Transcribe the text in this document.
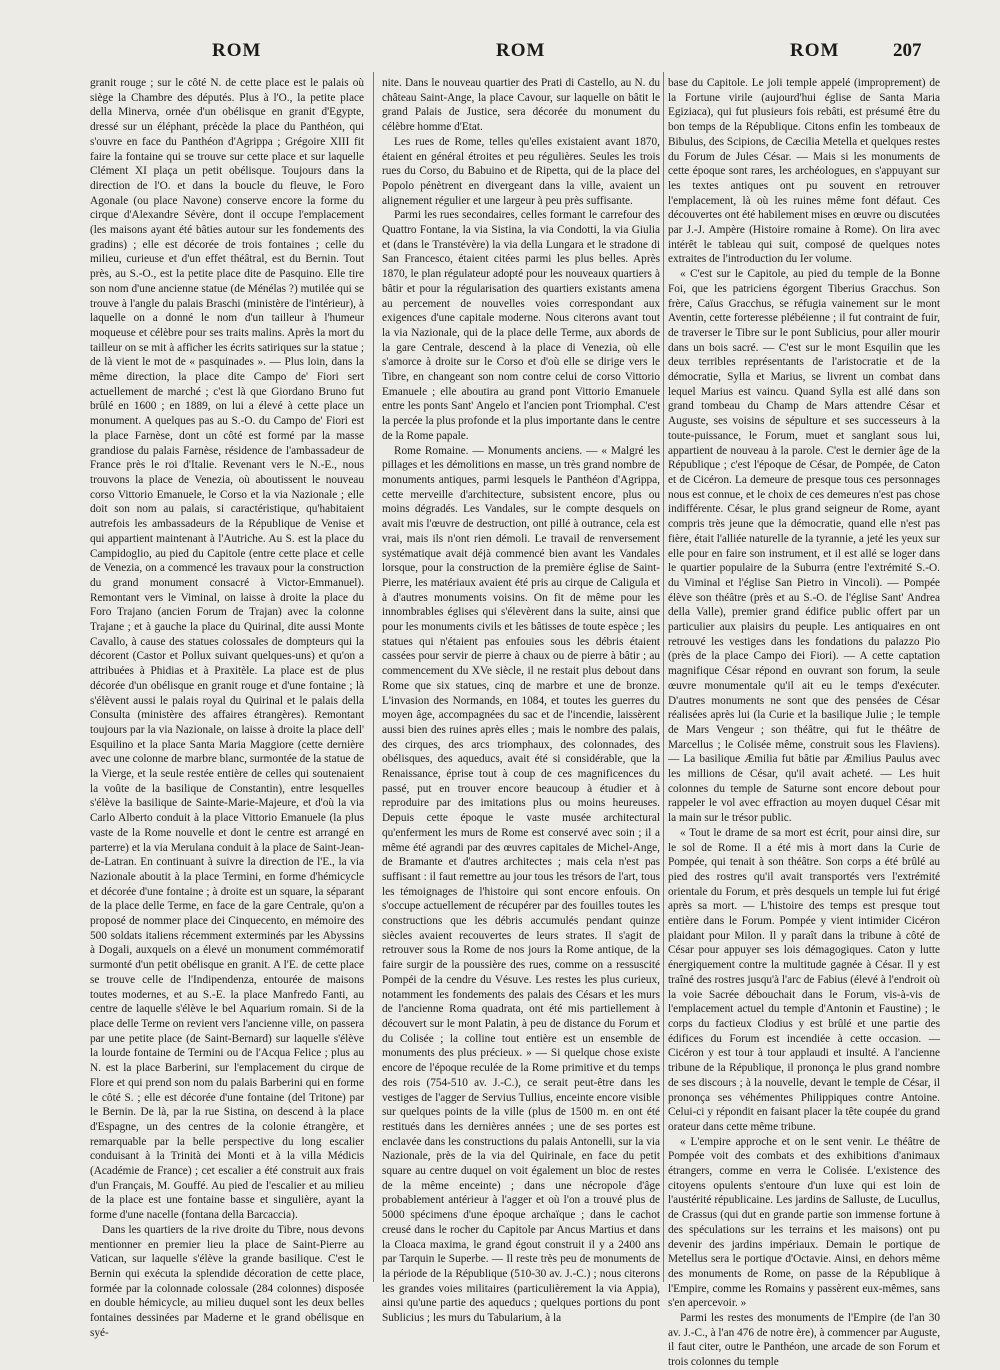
ROM	ROM	ROM	207

granit rouge ; sur le côté N. de cette place est le palais où siège la Chambre des députés. Plus à l'O., la petite place della Minerva, ornée d'un obélisque en granit d'Egypte, dressé sur un éléphant, précède la place du Panthéon, qui s'ouvre en face du Panthéon d'Agrippa ; Grégoire XIII fit faire la fontaine qui se trouve sur cette place et sur laquelle Clément XI plaça un petit obélisque. Toujours dans la direction de l'O. et dans la boucle du fleuve, le Foro Agonale (ou place Navone) conserve encore la forme du cirque d'Alexandre Sévère, dont il occupe l'emplacement (les maisons ayant été bâties autour sur les fondements des gradins) ; elle est décorée de trois fontaines ; celle du milieu, curieuse et d'un effet théâtral, est du Bernin. Tout près, au S.-O., est la petite place dite de Pasquino. Elle tire son nom d'une ancienne statue (de Ménélas ?) mutilée qui se trouve à l'angle du palais Braschi (ministère de l'intérieur), à laquelle on a donné le nom d'un tailleur à l'humeur moqueuse et célèbre pour ses traits malins. Après la mort du tailleur on se mit à afficher les écrits satiriques sur la statue ; de là vient le mot de « pasquinades ». — Plus loin, dans la même direction, la place dite Campo de' Fiori sert actuellement de marché ; c'est là que Giordano Bruno fut brûlé en 1600 ; en 1889, on lui a élevé à cette place un monument. A quelques pas au S.-O. du Campo de' Fiori est la place Farnèse, dont un côté est formé par la masse grandiose du palais Farnèse, résidence de l'ambassadeur de France près le roi d'Italie. Revenant vers le N.-E., nous trouvons la place de Venezia, où aboutissent le nouveau corso Vittorio Emanuele, le Corso et la via Nazionale ; elle doit son nom au palais, si caractéristique, qu'habitaient autrefois les ambassadeurs de la République de Venise et qui appartient maintenant à l'Autriche. Au S. est la place du Campidoglio, au pied du Capitole (entre cette place et celle de Venezia, on a commencé les travaux pour la construction du grand monument consacré à Victor-Emmanuel). Remontant vers le Viminal, on laisse à droite la place du Foro Trajano (ancien Forum de Trajan) avec la colonne Trajane ; et à gauche la place du Quirinal, dite aussi Monte Cavallo, à cause des statues colossales de dompteurs qui la décorent (Castor et Pollux suivant quelques-uns) et qu'on a attribuées à Phidias et à Praxitèle. La place est de plus décorée d'un obélisque en granit rouge et d'une fontaine ; là s'élèvent aussi le palais royal du Quirinal et le palais della Consulta (ministère des affaires étrangères). Remontant toujours par la via Nazionale, on laisse à droite la place dell' Esquilino et la place Santa Maria Maggiore (cette dernière avec une colonne de marbre blanc, surmontée de la statue de la Vierge, et la seule restée entière de celles qui soutenaient la voûte de la basilique de Constantin), entre lesquelles s'élève la basilique de Sainte-Marie-Majeure, et d'où la via Carlo Alberto conduit à la place Vittorio Emanuele (la plus vaste de la Rome nouvelle et dont le centre est arrangé en parterre) et la via Merulana conduit à la place de Saint-Jean-de-Latran. En continuant à suivre la direction de l'E., la via Nazionale aboutit à la place Termini, en forme d'hémicycle et décorée d'une fontaine ; à droite est un square, la séparant de la place delle Terme, en face de la gare Centrale, qu'on a proposé de nommer place dei Cinquecento, en mémoire des 500 soldats italiens récemment exterminés par les Abyssins à Dogali, auxquels on a élevé un monument commémoratif surmonté d'un petit obélisque en granit. A l'E. de cette place se trouve celle de l'Indipendenza, entourée de maisons toutes modernes, et au S.-E. la place Manfredo Fanti, au centre de laquelle s'élève le bel Aquarium romain. Si de la place delle Terme on revient vers l'ancienne ville, on passera par une petite place (de Saint-Bernard) sur laquelle s'élève la lourde fontaine de Termini ou de l'Acqua Felice ; plus au N. est la place Barberini, sur l'emplacement du cirque de Flore et qui prend son nom du palais Barberini qui en forme le côté S. ; elle est décorée d'une fontaine (del Tritone) par le Bernin. De là, par la rue Sistina, on descend à la place d'Espagne, un des centres de la colonie étrangère, et remarquable par la belle perspective du long escalier conduisant à la Trinità dei Monti et à la villa Médicis (Académie de France) ; cet escalier a été construit aux frais d'un Français, M. Gouffé. Au pied de l'escalier et au milieu de la place est une fontaine basse et singulière, ayant la forme d'une nacelle (fontana della Barcaccia).

Dans les quartiers de la rive droite du Tibre, nous devons mentionner en premier lieu la place de Saint-Pierre au Vatican, sur laquelle s'élève la grande basilique. C'est le Bernin qui exécuta la splendide décoration de cette place, formée par la colonnade colossale (284 colonnes) disposée en double hémicycle, au milieu duquel sont les deux belles fontaines dessinées par Maderne et le grand obélisque en syé-

nite. Dans le nouveau quartier des Prati di Castello, au N. du château Saint-Ange, la place Cavour, sur laquelle on bâtit le grand Palais de Justice, sera décorée du monument du célèbre homme d'Etat.

Les rues de Rome, telles qu'elles existaient avant 1870, étaient en général étroites et peu régulières. Seules les trois rues du Corso, du Babuino et de Ripetta, qui de la place del Popolo pénètrent en divergeant dans la ville, avaient un alignement régulier et une largeur à peu près suffisante.

Parmi les rues secondaires, celles formant le carrefour des Quattro Fontane, la via Sistina, la via Condotti, la via Giulia et (dans le Transtévère) la via della Lungara et le stradone di San Francesco, étaient citées parmi les plus belles. Après 1870, le plan régulateur adopté pour les nouveaux quartiers à bâtir et pour la régularisation des quartiers existants amena au percement de nouvelles voies correspondant aux exigences d'une capitale moderne. Nous citerons avant tout la via Nazionale, qui de la place delle Terme, aux abords de la gare Centrale, descend à la place di Venezia, où elle s'amorce à droite sur le Corso et d'où elle se dirige vers le Tibre, en changeant son nom contre celui de corso Vittorio Emanuele ; elle aboutira au grand pont Vittorio Emanuele entre les ponts Sant' Angelo et l'ancien pont Triomphal. C'est la percée la plus profonde et la plus importante dans le centre de la Rome papale.

Rome Romaine. — Monuments anciens. — « Malgré les pillages et les démolitions en masse, un très grand nombre de monuments antiques, parmi lesquels le Panthéon d'Agrippa, cette merveille d'architecture, subsistent encore, plus ou moins dégradés. Les Vandales, sur le compte desquels on avait mis l'œuvre de destruction, ont pillé à outrance, cela est vrai, mais ils n'ont rien démoli. Le travail de renversement systématique avait déjà commencé bien avant les Vandales lorsque, pour la construction de la première église de Saint-Pierre, les matériaux avaient été pris au cirque de Caligula et à d'autres monuments voisins. On fit de même pour les innombrables églises qui s'élevèrent dans la suite, ainsi que pour les monuments civils et les bâtisses de toute espèce ; les statues qui n'étaient pas enfouies sous les débris étaient cassées pour servir de pierre à chaux ou de pierre à bâtir ; au commencement du XVe siècle, il ne restait plus debout dans Rome que six statues, cinq de marbre et une de bronze. L'invasion des Normands, en 1084, et toutes les guerres du moyen âge, accompagnées du sac et de l'incendie, laissèrent aussi bien des ruines après elles ; mais le nombre des palais, des cirques, des arcs triomphaux, des colonnades, des obélisques, des aqueducs, avait été si considérable, que la Renaissance, éprise tout à coup de ces magnificences du passé, put en trouver encore beaucoup à étudier et à reproduire par des imitations plus ou moins heureuses. Depuis cette époque le vaste musée architectural qu'enferment les murs de Rome est conservé avec soin ; il a même été agrandi par des œuvres capitales de Michel-Ange, de Bramante et d'autres architectes ; mais cela n'est pas suffisant : il faut remettre au jour tous les trésors de l'art, tous les témoignages de l'histoire qui sont encore enfouis. On s'occupe actuellement de récupérer par des fouilles toutes les constructions que les débris accumulés pendant quinze siècles avaient recouvertes de leurs strates. Il s'agit de retrouver sous la Rome de nos jours la Rome antique, de la faire surgir de la poussière des rues, comme on a ressuscité Pompéi de la cendre du Vésuve. Les restes les plus curieux, notamment les fondements des palais des Césars et les murs de l'ancienne Roma quadrata, ont été mis partiellement à découvert sur le mont Palatin, à peu de distance du Forum et du Colisée ; la colline tout entière est un ensemble de monuments des plus précieux. » — Si quelque chose existe encore de l'époque reculée de la Rome primitive et du temps des rois (754-510 av. J.-C.), ce serait peut-être dans les vestiges de l'agger de Servius Tullius, enceinte encore visible sur quelques points de la ville (plus de 1500 m. en ont été restitués dans les dernières années ; une de ses portes est enclavée dans les constructions du palais Antonelli, sur la via Nazionale, près de la via del Quirinale, en face du petit square au centre duquel on voit également un bloc de restes de la même enceinte) ; dans une nécropole d'âge probablement antérieur à l'agger et où l'on a trouvé plus de 5000 spécimens d'une époque archaïque ; dans le cachot creusé dans le rocher du Capitole par Ancus Martius et dans la Cloaca maxima, le grand égout construit il y a 2400 ans par Tarquin le Superbe. — Il reste très peu de monuments de la période de la République (510-30 av. J.-C.) ; nous citerons les grandes voies militaires (particulièrement la via Appia), ainsi qu'une partie des aqueducs ; quelques portions du pont Sublicius ; les murs du Tabularium, à la

base du Capitole. Le joli temple appelé (improprement) de la Fortune virile (aujourd'hui église de Santa Maria Egiziaca), qui fut plusieurs fois rebâti, est présumé être du bon temps de la République. Citons enfin les tombeaux de Bibulus, des Scipions, de Cæcilia Metella et quelques restes du Forum de Jules César. — Mais si les monuments de cette époque sont rares, les archéologues, en s'appuyant sur les textes antiques ont pu souvent en retrouver l'emplacement, là où les ruines même font défaut. Ces découvertes ont été habilement mises en œuvre ou discutées par J.-J. Ampère (Histoire romaine à Rome). On lira avec intérêt le tableau qui suit, composé de quelques notes extraites de l'introduction du Ier volume.

« C'est sur le Capitole, au pied du temple de la Bonne Foi, que les patriciens égorgent Tiberius Gracchus. Son frère, Caïus Gracchus, se réfugia vainement sur le mont Aventin, cette forteresse plébéienne ; il fut contraint de fuir, de traverser le Tibre sur le pont Sublicius, pour aller mourir dans un bois sacré. — C'est sur le mont Esquilin que les deux terribles représentants de l'aristocratie et de la démocratie, Sylla et Marius, se livrent un combat dans lequel Marius est vaincu. Quand Sylla est allé dans son grand tombeau du Champ de Mars attendre César et Auguste, ses voisins de sépulture et ses successeurs à la toute-puissance, le Forum, muet et sanglant sous lui, appartient de nouveau à la parole. C'est le dernier âge de la République ; c'est l'époque de César, de Pompée, de Caton et de Cicéron. La demeure de presque tous ces personnages nous est connue, et le choix de ces demeures n'est pas chose indifférente. César, le plus grand seigneur de Rome, ayant compris très jeune que la démocratie, quand elle n'est pas fière, était l'alliée naturelle de la tyrannie, a jeté les yeux sur elle pour en faire son instrument, et il est allé se loger dans le quartier populaire de la Suburra (entre l'extrémité S.-O. du Viminal et l'église San Pietro in Vincoli). — Pompée élève son théâtre (près et au S.-O. de l'église Sant' Andrea della Valle), premier grand édifice public offert par un particulier aux plaisirs du peuple. Les antiquaires en ont retrouvé les vestiges dans les fondations du palazzo Pio (près de la place Campo dei Fiori). — A cette captation magnifique César répond en ouvrant son forum, la seule œuvre monumentale qu'il ait eu le temps d'exécuter. D'autres monuments ne sont que des pensées de César réalisées après lui (la Curie et la basilique Julie ; le temple de Mars Vengeur ; son théâtre, qui fut le théâtre de Marcellus ; le Colisée même, construit sous les Flaviens). — La basilique Æmilia fut bâtie par Æmilius Paulus avec les millions de César, qu'il avait acheté. — Les huit colonnes du temple de Saturne sont encore debout pour rappeler le vol avec effraction au moyen duquel César mit la main sur le trésor public.

« Tout le drame de sa mort est écrit, pour ainsi dire, sur le sol de Rome. Il a été mis à mort dans la Curie de Pompée, qui tenait à son théâtre. Son corps a été brûlé au pied des rostres qu'il avait transportés vers l'extrémité orientale du Forum, et près desquels un temple lui fut érigé après sa mort. — L'histoire des temps est presque tout entière dans le Forum. Pompée y vient intimider Cicéron plaidant pour Milon. Il y paraît dans la tribune à côté de César pour appuyer ses lois démagogiques. Caton y lutte énergiquement contre la multitude gagnée à César. Il y est traîné des rostres jusqu'à l'arc de Fabius (élevé à l'endroit où la voie Sacrée débouchait dans le Forum, vis-à-vis de l'emplacement actuel du temple d'Antonin et Faustine) ; le corps du factieux Clodius y est brûlé et une partie des édifices du Forum est incendiée à cette occasion. — Cicéron y est tour à tour applaudi et insulté. A l'ancienne tribune de la République, il prononça le plus grand nombre de ses discours ; à la nouvelle, devant le temple de César, il prononça ses véhémentes Philippiques contre Antoine. Celui-ci y répondit en faisant placer la tête coupée du grand orateur dans cette même tribune.

« L'empire approche et on le sent venir. Le théâtre de Pompée voit des combats et des exhibitions d'animaux étrangers, comme en verra le Colisée. L'existence des citoyens opulents s'entoure d'un luxe qui est loin de l'austérité républicaine. Les jardins de Salluste, de Lucullus, de Crassus (qui dut en grande partie son immense fortune à des spéculations sur les terrains et les maisons) ont pu devenir des jardins impériaux. Demain le portique de Metellus sera le portique d'Octavie. Ainsi, en dehors même des monuments de Rome, on passe de la République à l'Empire, comme les Romains y passèrent eux-mêmes, sans s'en apercevoir. »

Parmi les restes des monuments de l'Empire (de l'an 30 av. J.-C., à l'an 476 de notre ère), à commencer par Auguste, il faut citer, outre le Panthéon, une arcade de son Forum et trois colonnes du temple
